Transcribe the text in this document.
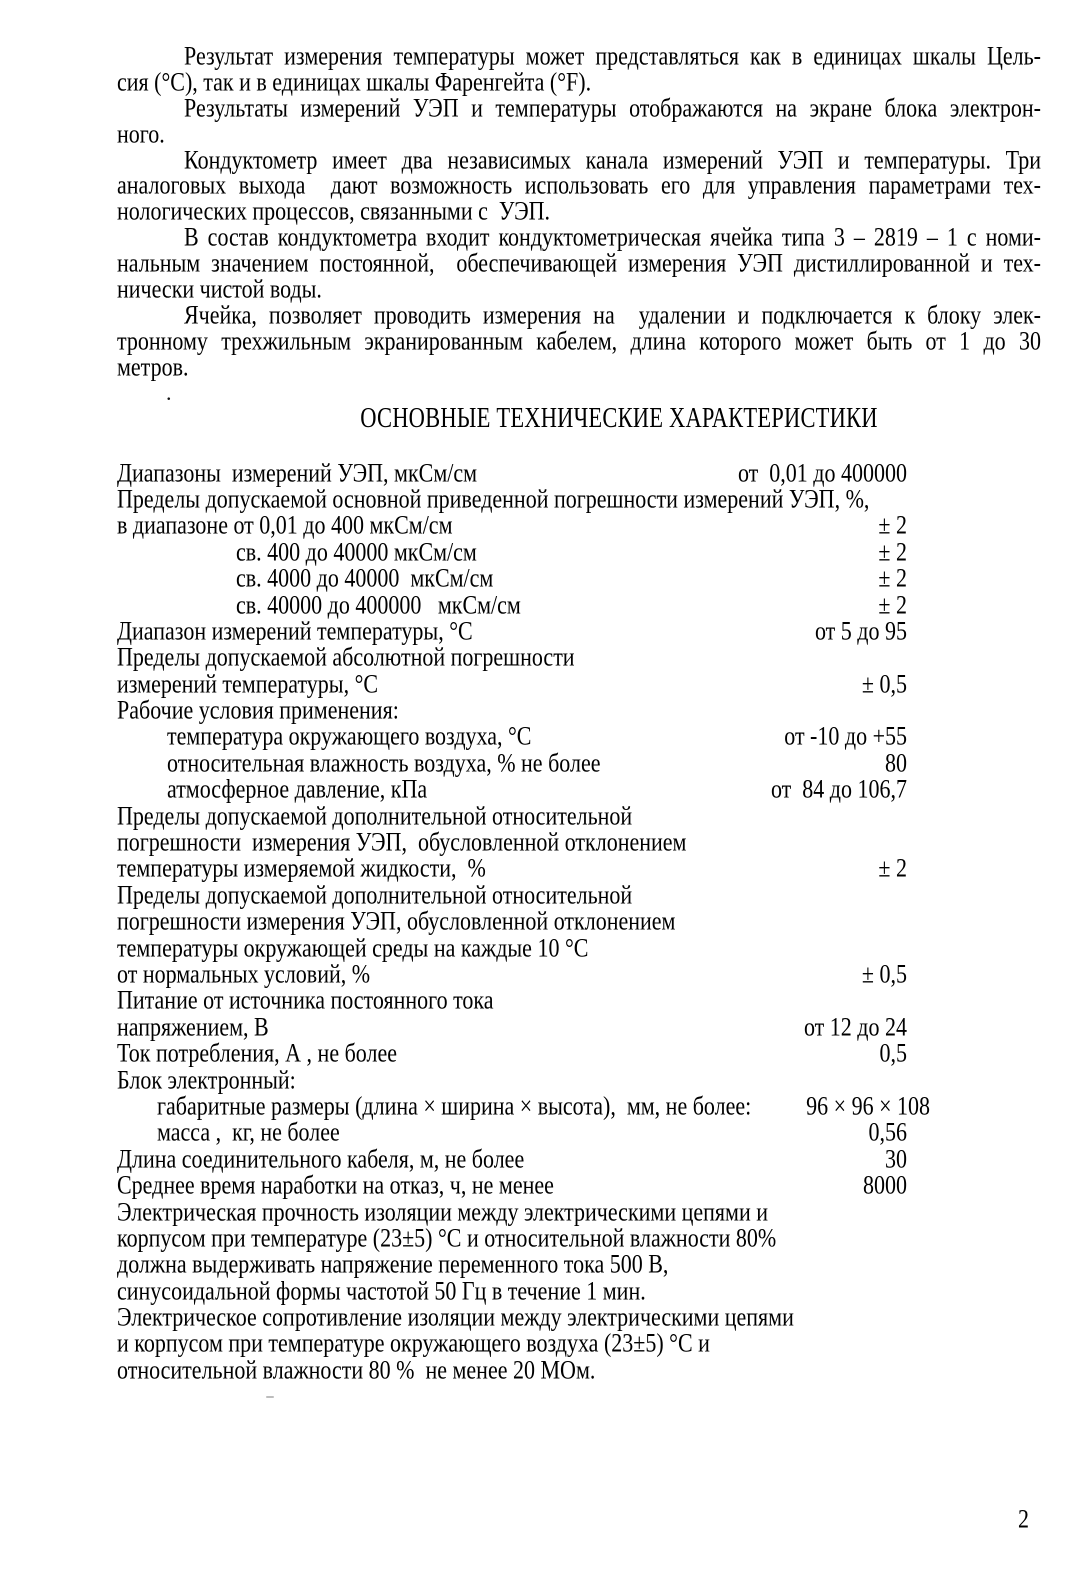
Результат измерения температуры может представляться как в единицах шкалы Цель-
сия (°С), так и в единицах шкалы Фаренгейта (°F).
Результаты измерений УЭП и температуры отображаются на экране блока электрон-
ного.
Кондуктометр имеет два независимых канала измерений УЭП и температуры. Три
аналоговых выхода  дают возможность использовать его для управления параметрами тех-
нологических процессов, связанными с  УЭП.
В состав кондуктометра входит кондуктометрическая ячейка типа 3 – 2819 – 1 с номи-
нальным значением постоянной,  обеспечивающей измерения УЭП дистиллированной и тех-
нически чистой воды.
Ячейка, позволяет проводить измерения на  удалении и подключается к блоку элек-
тронному трехжильным экранированным кабелем, длина которого может быть от 1 до 30
метров.
ОСНОВНЫЕ ТЕХНИЧЕСКИЕ ХАРАКТЕРИСТИКИ
Диапазоны  измерений УЭП, мкСм/см	от  0,01 до 400000
Пределы допускаемой основной приведенной погрешности измерений УЭП, %,
в диапазоне от 0,01 до 400 мкСм/см	± 2
св. 400 до 40000 мкСм/см	± 2
св. 4000 до 40000  мкСм/см	± 2
св. 40000 до 400000   мкСм/см	± 2
Диапазон измерений температуры, °С	от 5 до 95
Пределы допускаемой абсолютной погрешности
измерений температуры, °С	± 0,5
Рабочие условия применения:
температура окружающего воздуха, °С	от -10 до +55
относительная влажность воздуха, % не более	80
атмосферное давление, кПа	от  84 до 106,7
Пределы допускаемой дополнительной относительной
погрешности  измерения УЭП,  обусловленной отклонением
температуры измеряемой жидкости,  %	± 2
Пределы допускаемой дополнительной относительной
погрешности измерения УЭП, обусловленной отклонением
температуры окружающей среды на каждые 10 °С
от нормальных условий, %	± 0,5
Питание от источника постоянного тока
напряжением, В	от 12 до 24
Ток потребления, А , не более	0,5
Блок электронный:
габаритные размеры (длина × ширина × высота),  мм, не более:	96 × 96 × 108
масса ,  кг, не более	0,56
Длина соединительного кабеля, м, не более	30
Среднее время наработки на отказ, ч, не менее	8000
Электрическая прочность изоляции между электрическими цепями и
корпусом при температуре (23±5) °С и относительной влажности 80%
должна выдерживать напряжение переменного тока 500 В,
синусоидальной формы частотой 50 Гц в течение 1 мин.
Электрическое сопротивление изоляции между электрическими цепями
и корпусом при температуре окружающего воздуха (23±5) °С и
относительной влажности 80 %  не менее 20 МОм.
.
2
